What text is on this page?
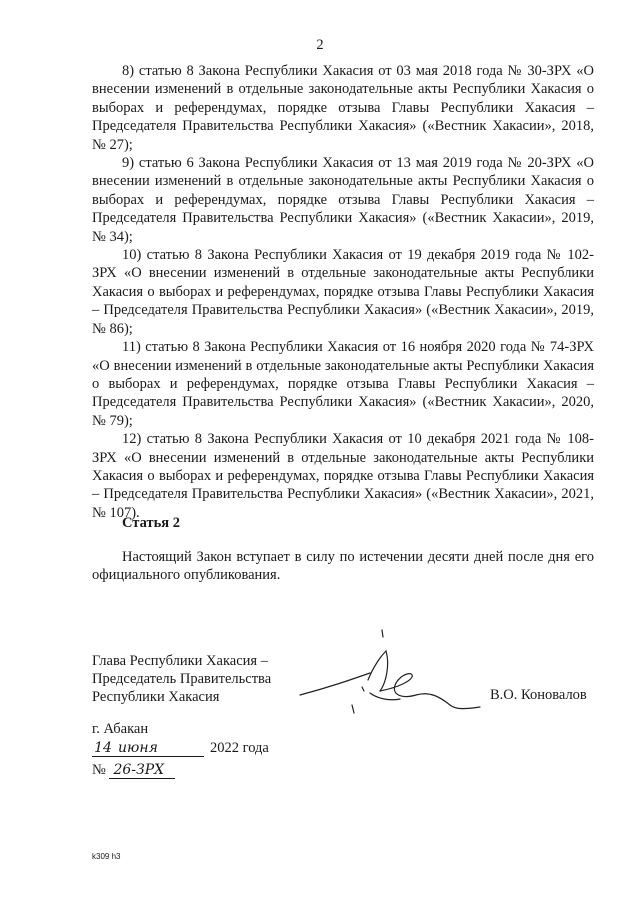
2

8) статью 8 Закона Республики Хакасия от 03 мая 2018 года № 30-ЗРХ «О внесении изменений в отдельные законодательные акты Республики Хакасия о выборах и референдумах, порядке отзыва Главы Республики Хакасия – Председателя Правительства Республики Хакасия» («Вестник Хакасии», 2018, № 27);

9) статью 6 Закона Республики Хакасия от 13 мая 2019 года № 20-ЗРХ «О внесении изменений в отдельные законодательные акты Республики Хакасия о выборах и референдумах, порядке отзыва Главы Республики Хакасия – Председателя Правительства Республики Хакасия» («Вестник Хакасии», 2019, № 34);

10) статью 8 Закона Республики Хакасия от 19 декабря 2019 года № 102-ЗРХ «О внесении изменений в отдельные законодательные акты Республики Хакасия о выборах и референдумах, порядке отзыва Главы Республики Хакасия – Председателя Правительства Республики Хакасия» («Вестник Хакасии», 2019, № 86);

11) статью 8 Закона Республики Хакасия от 16 ноября 2020 года № 74-ЗРХ «О внесении изменений в отдельные законодательные акты Республики Хакасия о выборах и референдумах, порядке отзыва Главы Республики Хакасия – Председателя Правительства Республики Хакасия» («Вестник Хакасии», 2020, № 79);

12) статью 8 Закона Республики Хакасия от 10 декабря 2021 года № 108-ЗРХ «О внесении изменений в отдельные законодательные акты Республики Хакасия о выборах и референдумах, порядке отзыва Главы Республики Хакасия – Председателя Правительства Республики Хакасия» («Вестник Хакасии», 2021, № 107).

Статья 2

Настоящий Закон вступает в силу по истечении десяти дней после дня его официального опубликования.

Глава Республики Хакасия –
Председатель Правительства
Республики Хакасия	В.О. Коновалов
г. Абакан
14 июня	2022 года
№ 26-ЗРХ
k309 h3
